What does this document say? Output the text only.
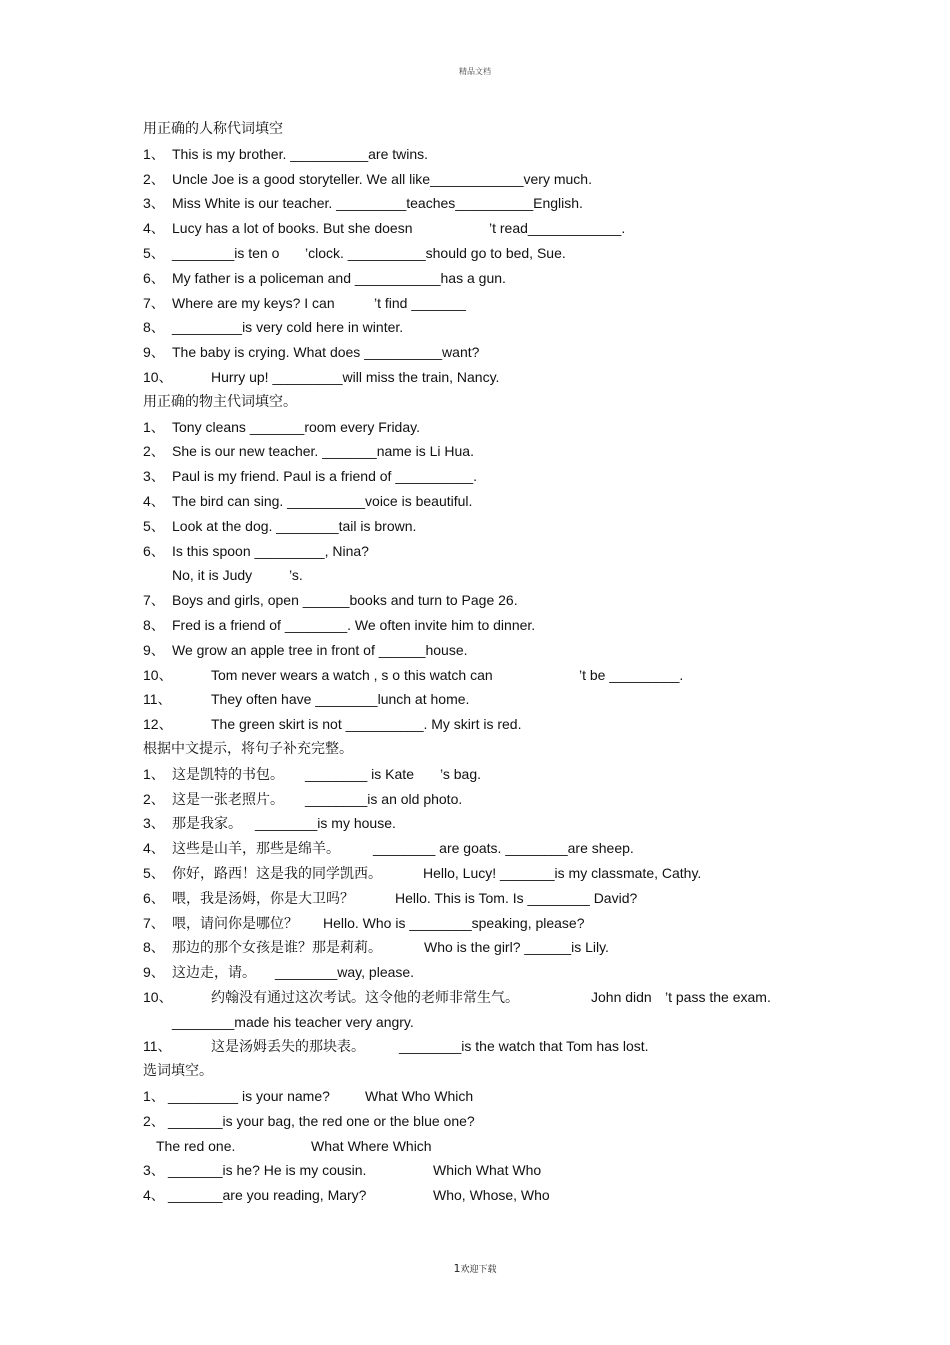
精品文档
用正确的人称代词填空
1、 This is my brother. __________are twins.
2、 Uncle Joe is a good storyteller. We all like____________very much.
3、 Miss White is our teacher. _________teaches__________English.
4、 Lucy has a lot of books. But she doesn	’t read____________.
5、 ________is ten o ’clock. __________should go to bed, Sue.
6、 My father is a policeman and ___________has a gun.
7、 Where are my keys? I can	’t find _______
8、 _________is very cold here in winter.
9、 The baby is crying. What does __________want?
10、	Hurry up! _________will miss the train, Nancy.
用正确的物主代词填空。
1、 Tony cleans _______room every Friday.
2、 She is our new teacher. _______name is Li Hua.
3、 Paul is my friend. Paul is a friend of __________.
4、 The bird can sing. __________voice is beautiful.
5、 Look at the dog. ________tail is brown.
6、 Is this spoon _________, Nina?
No, it is Judy	’s.
7、 Boys and girls, open ______books and turn to Page 26.
8、 Fred is a friend of ________. We often invite him to dinner.
9、 We grow an apple tree in front of ______house.
10、	Tom never wears a watch , s o this watch can	’t be _________.
11、	They often have ________lunch at home.
12、	The green skirt is not __________. My skirt is red.
根据中文提示，将句子补充完整。
1、 这是凯特的书包。 ________ is Kate ’s bag.
2、 这是一张老照片。 ________is an old photo.
3、 那是我家。 ________is my house.
4、 这些是山羊，那些是绵羊。 ________ are goats. ________are sheep.
5、 你好，路西！这是我的同学凯西。	Hello, Lucy! _______is my classmate, Cathy.
6、 喂，我是汤姆，你是大卫吗？	Hello. This is Tom. Is ________ David?
7、 喂，请问你是哪位？ Hello. Who is ________speaking, please?
8、 那边的那个女孩是谁？那是莉莉。	Who is the girl? ______is Lily.
9、 这边走，请。 ________way, please.
10、	约翰没有通过这次考试。这令他的老师非常生气。	John didn ’t pass the exam.
________made his teacher very angry.
11、	这是汤姆丢失的那块表。 ________is the watch that Tom has lost.
选词填空。
1、 _________ is your name?	What Who Which
2、 _______is your bag, the red one or the blue one?
The red one.	What Where Which
3、 _______is he? He is my cousin.	Which What Who
4、 _______are you reading, Mary?	Who, Whose, Who
1欢迎下载
